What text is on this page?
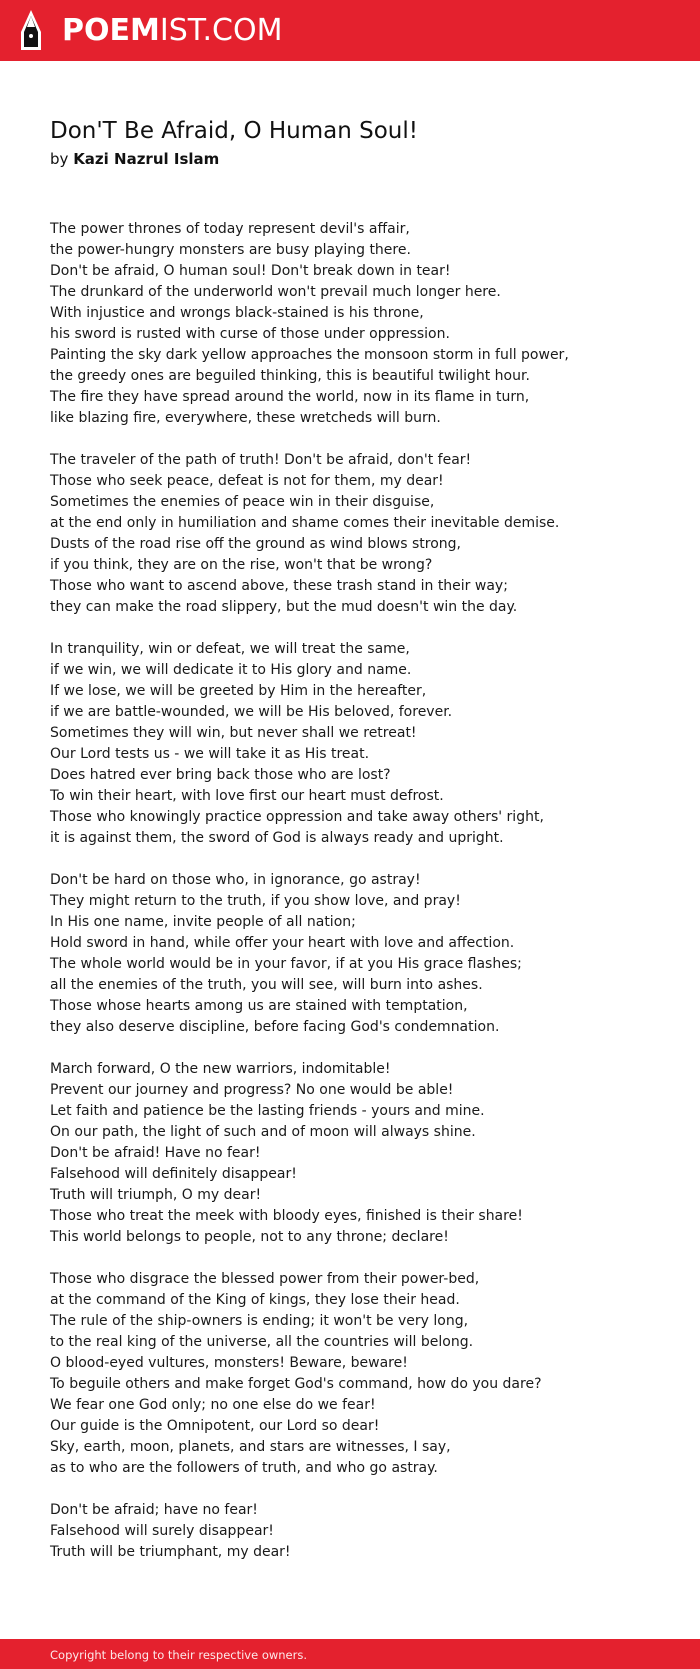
POEMIST.COM
Don'T Be Afraid, O Human Soul!
by Kazi Nazrul Islam

The power thrones of today represent devil's affair,
the power-hungry monsters are busy playing there.
Don't be afraid, O human soul! Don't break down in tear!
The drunkard of the underworld won't prevail much longer here.
With injustice and wrongs black-stained is his throne,
his sword is rusted with curse of those under oppression.
Painting the sky dark yellow approaches the monsoon storm in full power,
the greedy ones are beguiled thinking, this is beautiful twilight hour.
The fire they have spread around the world, now in its flame in turn,
like blazing fire, everywhere, these wretcheds will burn.

The traveler of the path of truth! Don't be afraid, don't fear!
Those who seek peace, defeat is not for them, my dear!
Sometimes the enemies of peace win in their disguise,
at the end only in humiliation and shame comes their inevitable demise.
Dusts of the road rise off the ground as wind blows strong,
if you think, they are on the rise, won't that be wrong?
Those who want to ascend above, these trash stand in their way;
they can make the road slippery, but the mud doesn't win the day.

In tranquility, win or defeat, we will treat the same,
if we win, we will dedicate it to His glory and name.
If we lose, we will be greeted by Him in the hereafter,
if we are battle-wounded, we will be His beloved, forever.
Sometimes they will win, but never shall we retreat!
Our Lord tests us - we will take it as His treat.
Does hatred ever bring back those who are lost?
To win their heart, with love first our heart must defrost.
Those who knowingly practice oppression and take away others' right,
it is against them, the sword of God is always ready and upright.

Don't be hard on those who, in ignorance, go astray!
They might return to the truth, if you show love, and pray!
In His one name, invite people of all nation;
Hold sword in hand, while offer your heart with love and affection.
The whole world would be in your favor, if at you His grace flashes;
all the enemies of the truth, you will see, will burn into ashes.
Those whose hearts among us are stained with temptation,
they also deserve discipline, before facing God's condemnation.

March forward, O the new warriors, indomitable!
Prevent our journey and progress? No one would be able!
Let faith and patience be the lasting friends - yours and mine.
On our path, the light of such and of moon will always shine.
Don't be afraid! Have no fear!
Falsehood will definitely disappear!
Truth will triumph, O my dear!
Those who treat the meek with bloody eyes, finished is their share!
This world belongs to people, not to any throne; declare!

Those who disgrace the blessed power from their power-bed,
at the command of the King of kings, they lose their head.
The rule of the ship-owners is ending; it won't be very long,
to the real king of the universe, all the countries will belong.
O blood-eyed vultures, monsters! Beware, beware!
To beguile others and make forget God's command, how do you dare?
We fear one God only; no one else do we fear!
Our guide is the Omnipotent, our Lord so dear!
Sky, earth, moon, planets, and stars are witnesses, I say,
as to who are the followers of truth, and who go astray.

Don't be afraid; have no fear!
Falsehood will surely disappear!
Truth will be triumphant, my dear!

Copyright belong to their respective owners.
